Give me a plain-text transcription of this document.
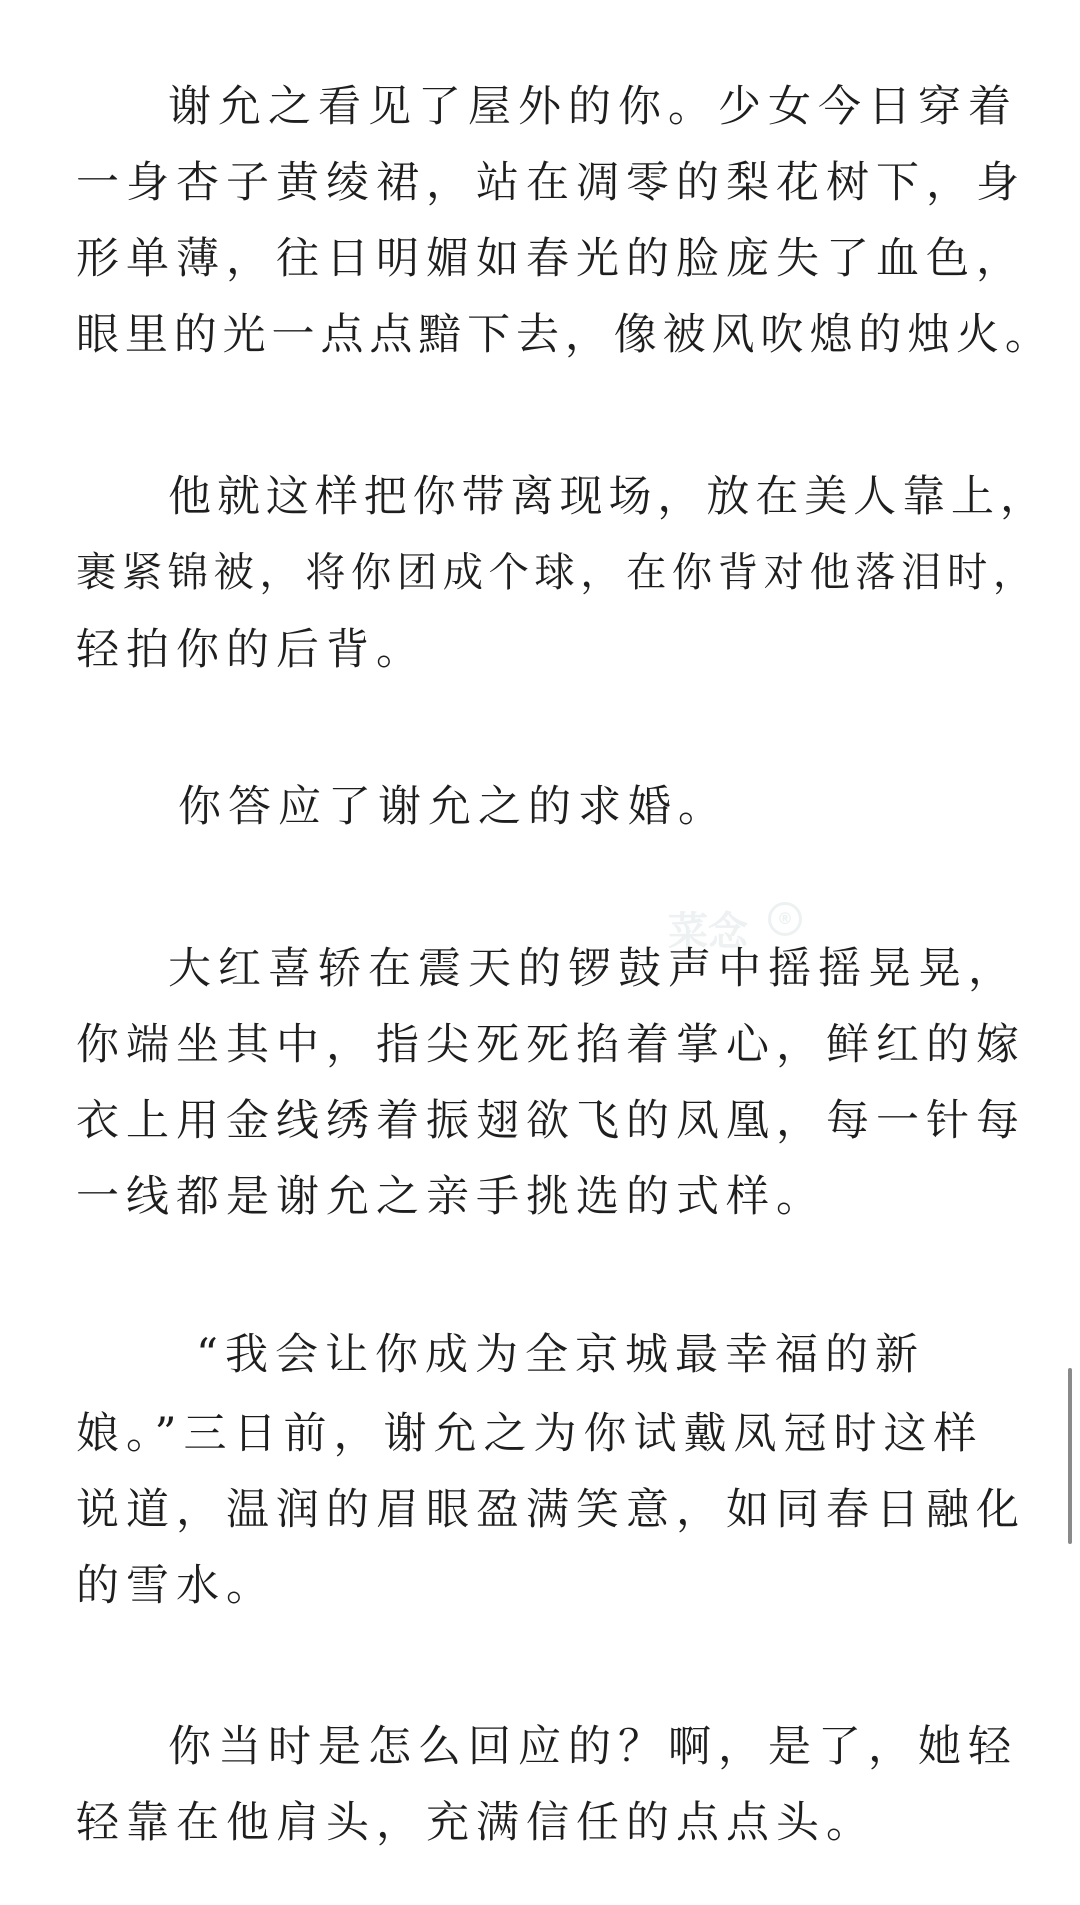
谢允之看见了屋外的你。少女今日穿着

一身杏子黄绫裙，站在凋零的梨花树下，身

形单薄，往日明媚如春光的脸庞失了血色，

眼里的光一点点黯下去，像被风吹熄的烛火。

他就这样把你带离现场，放在美人靠上，

裹紧锦被，将你团成个球，在你背对他落泪时，

轻拍你的后背。

你答应了谢允之的求婚。

菜念	®

大红喜轿在震天的锣鼓声中摇摇晃晃，

你端坐其中，指尖死死掐着掌心，鲜红的嫁

衣上用金线绣着振翅欲飞的凤凰，每一针每

一线都是谢允之亲手挑选的式样。

“我会让你成为全京城最幸福的新

娘。”三日前，谢允之为你试戴凤冠时这样

说道，温润的眉眼盈满笑意，如同春日融化

的雪水。

你当时是怎么回应的？啊，是了，她轻

轻靠在他肩头，充满信任的点点头。
